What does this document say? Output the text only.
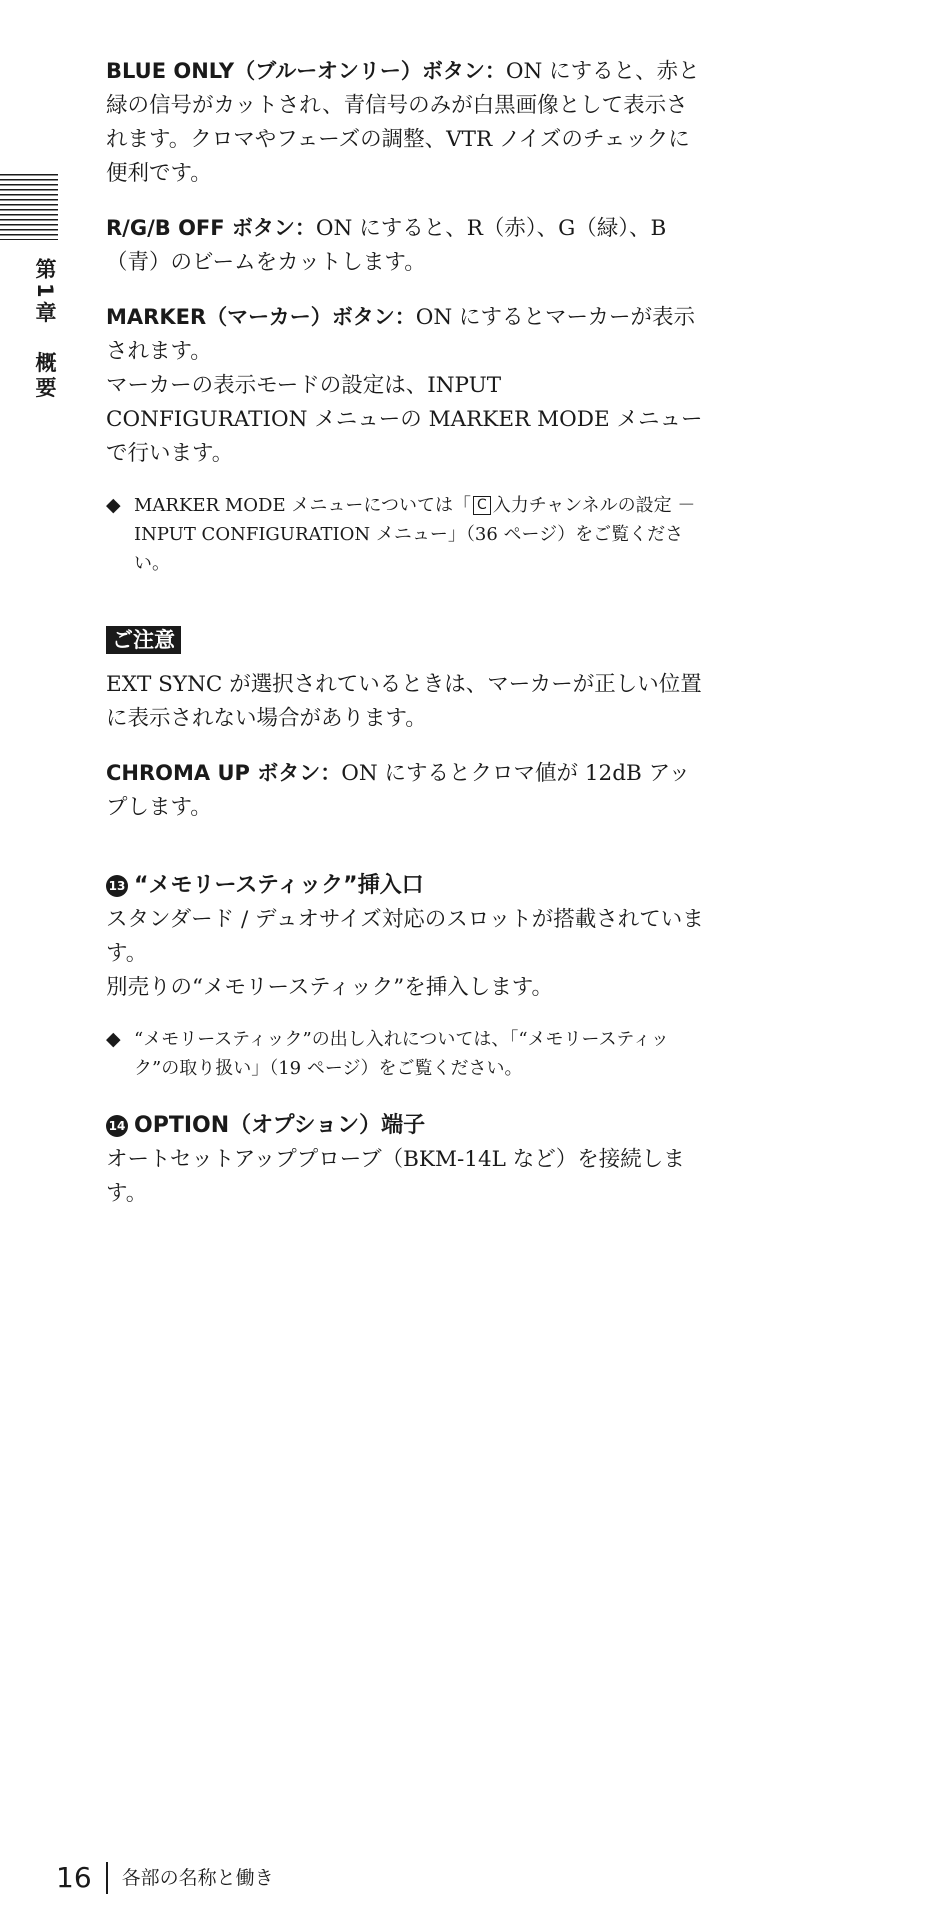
第1章　概要
BLUE ONLY（ブルーオンリー）ボタン：ON にすると、赤と緑の信号がカットされ、青信号のみが白黒画像として表示されます。クロマやフェーズの調整、VTR ノイズのチェックに便利です。
R/G/B OFF ボタン：ON にすると、R（赤）、G（緑）、B（青）のビームをカットします。

MARKER（マーカー）ボタン：ON にするとマーカーが表示されます。

マーカーの表示モードの設定は、INPUT CONFIGURATION メニューの MARKER MODE メニューで行います。

◆ MARKER MODE メニューについては「 C 入力チャンネルの設定 － INPUT CONFIGURATION メニュー」（36 ページ）をご覧ください。
ご注意
EXT SYNC が選択されているときは、マーカーが正しい位置に表示されない場合があります。
CHROMA UP ボタン：ON にするとクロマ値が 12dB アップします。
13 “メモリースティック”挿入口

スタンダード / デュオサイズ対応のスロットが搭載されています。

別売りの“メモリースティック”を挿入します。

◆ “メモリースティック”の出し入れについては、「“メモリースティック”の取り扱い」（19 ページ）をご覧ください。
14 OPTION（オプション）端子
オートセットアッププローブ（BKM-14L など）を接続します。
16 各部の名称と働き
